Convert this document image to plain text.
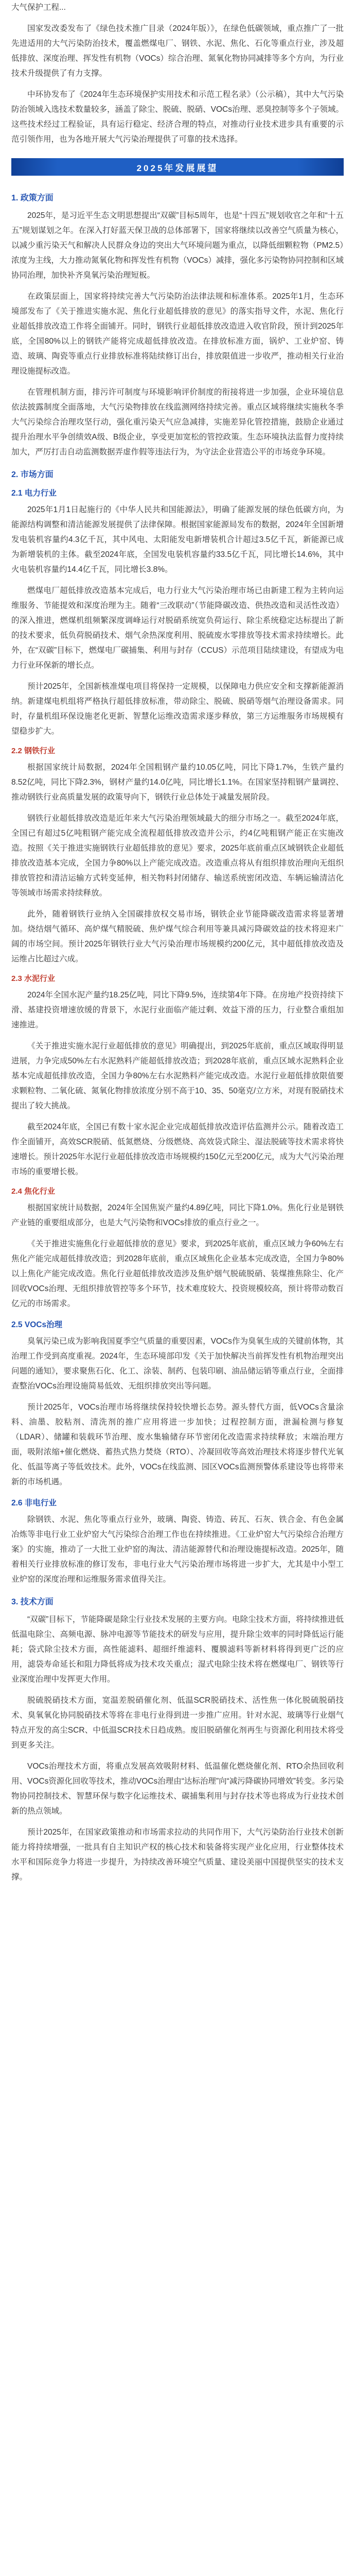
大气保护工程...

国家发改委发布了《绿色技术推广目录（2024年版）》，在绿色低碳领域，重点推广了一批先进适用的大气污染防治技术，覆盖燃煤电厂、钢铁、水泥、焦化、石化等重点行业，涉及超低排放、深度治理、挥发性有机物（VOCs）综合治理、氮氧化物协同减排等多个方向，为行业技术升级提供了有力支撑。

中环协发布了《2024年生态环境保护实用技术和示范工程名录》（公示稿），其中大气污染防治领域入选技术数量较多，涵盖了除尘、脱硫、脱硝、VOCs治理、恶臭控制等多个子领域。这些技术经过工程验证，具有运行稳定、经济合理的特点，对推动行业技术进步具有重要的示范引领作用，也为各地开展大气污染治理提供了可靠的技术选择。

2025年发展展望
1. 政策方面

2025年，是习近平生态文明思想提出“双碳”目标5周年，也是“十四五”规划收官之年和“十五五”规划谋划之年。在深入打好蓝天保卫战的总体部署下，国家将继续以改善空气质量为核心，以减少重污染天气和解决人民群众身边的突出大气环境问题为重点，以降低细颗粒物（PM2.5）浓度为主线，大力推动氮氧化物和挥发性有机物（VOCs）减排，强化多污染物协同控制和区域协同治理，加快补齐臭氧污染治理短板。

在政策层面上，国家将持续完善大气污染防治法律法规和标准体系。2025年1月，生态环境部发布了《关于推进实施水泥、焦化行业超低排放的意见》的落实指导文件，水泥、焦化行业超低排放改造工作将全面铺开。同时，钢铁行业超低排放改造进入收官阶段，预计到2025年底，全国80%以上的钢铁产能将完成超低排放改造。在排放标准方面，锅炉、工业炉窑、铸造、玻璃、陶瓷等重点行业排放标准将陆续修订出台，排放限值进一步收严，推动相关行业治理设施提标改造。

在管理机制方面，排污许可制度与环境影响评价制度的衔接将进一步加强，企业环境信息依法披露制度全面落地，大气污染物排放在线监测网络持续完善。重点区域将继续实施秋冬季大气污染综合治理攻坚行动，强化重污染天气应急减排，实施差异化管控措施，鼓励企业通过提升治理水平争创绩效A级、B级企业，享受更加宽松的管控政策。生态环境执法监督力度持续加大，严厉打击自动监测数据弄虚作假等违法行为，为守法企业营造公平的市场竞争环境。

2. 市场方面
2.1 电力行业

2025年1月1日起施行的《中华人民共和国能源法》，明确了能源发展的绿色低碳方向，为能源结构调整和清洁能源发展提供了法律保障。根据国家能源局发布的数据，2024年全国新增发电装机容量约4.3亿千瓦，其中风电、太阳能发电新增装机合计超过3.5亿千瓦，新能源已成为新增装机的主体。截至2024年底，全国发电装机容量约33.5亿千瓦，同比增长14.6%，其中火电装机容量约14.4亿千瓦，同比增长3.8%。

燃煤电厂超低排放改造基本完成后，电力行业大气污染治理市场已由新建工程为主转向运维服务、节能提效和深度治理为主。随着“三改联动”（节能降碳改造、供热改造和灵活性改造）的深入推进，燃煤机组频繁深度调峰运行对脱硝系统宽负荷运行、除尘系统稳定达标提出了新的技术要求，低负荷脱硝技术、烟气余热深度利用、脱硫废水零排放等技术需求持续增长。此外，在“双碳”目标下，燃煤电厂碳捕集、利用与封存（CCUS）示范项目陆续建设，有望成为电力行业环保新的增长点。

预计2025年，全国新核准煤电项目将保持一定规模，以保障电力供应安全和支撑新能源消纳。新建煤电机组将严格执行超低排放标准，带动除尘、脱硫、脱硝等烟气治理设备需求。同时，存量机组环保设施老化更新、智慧化运维改造需求逐步释放，第三方运维服务市场规模有望稳步扩大。

2.2 钢铁行业

根据国家统计局数据，2024年全国粗钢产量约10.05亿吨，同比下降1.7%，生铁产量约8.52亿吨，同比下降2.3%，钢材产量约14.0亿吨，同比增长1.1%。在国家坚持粗钢产量调控、推动钢铁行业高质量发展的政策导向下，钢铁行业总体处于减量发展阶段。

钢铁行业超低排放改造是近年来大气污染治理领域最大的细分市场之一。截至2024年底，全国已有超过5亿吨粗钢产能完成全流程超低排放改造并公示，约4亿吨粗钢产能正在实施改造。按照《关于推进实施钢铁行业超低排放的意见》要求，2025年底前重点区域钢铁企业超低排放改造基本完成，全国力争80%以上产能完成改造。改造重点将从有组织排放治理向无组织排放管控和清洁运输方式转变延伸，相关物料封闭储存、输送系统密闭改造、车辆运输清洁化等领域市场需求持续释放。

此外，随着钢铁行业纳入全国碳排放权交易市场，钢铁企业节能降碳改造需求将显著增加。烧结烟气循环、高炉煤气精脱硫、焦炉煤气综合利用等兼具减污降碳效益的技术将迎来广阔的市场空间。预计2025年钢铁行业大气污染治理市场规模约200亿元，其中超低排放改造及运维占比超过六成。

2.3 水泥行业

2024年全国水泥产量约18.25亿吨，同比下降9.5%，连续第4年下降。在房地产投资持续下滑、基建投资增速放缓的背景下，水泥行业面临产能过剩、效益下滑的压力，行业整合重组加速推进。

《关于推进实施水泥行业超低排放的意见》明确提出，到2025年底前，重点区域取得明显进展，力争完成50%左右水泥熟料产能超低排放改造；到2028年底前，重点区域水泥熟料企业基本完成超低排放改造，全国力争80%左右水泥熟料产能完成改造。水泥行业超低排放限值要求颗粒物、二氧化硫、氮氧化物排放浓度分别不高于10、35、50毫克/立方米，对现有脱硝技术提出了较大挑战。

截至2024年底，全国已有数十家水泥企业完成超低排放改造评估监测并公示。随着改造工作全面铺开，高效SCR脱硝、低氮燃烧、分级燃烧、高效袋式除尘、湿法脱硫等技术需求将快速增长。预计2025年水泥行业超低排放改造市场规模约150亿元至200亿元，成为大气污染治理市场的重要增长极。

2.4 焦化行业

根据国家统计局数据，2024年全国焦炭产量约4.89亿吨，同比下降1.0%。焦化行业是钢铁产业链的重要组成部分，也是大气污染物和VOCs排放的重点行业之一。

《关于推进实施焦化行业超低排放的意见》要求，到2025年底前，重点区域力争60%左右焦化产能完成超低排放改造；到2028年底前，重点区域焦化企业基本完成改造，全国力争80%以上焦化产能完成改造。焦化行业超低排放改造涉及焦炉烟气脱硫脱硝、装煤推焦除尘、化产回收VOCs治理、无组织排放管控等多个环节，技术难度较大、投资规模较高，预计将带动数百亿元的市场需求。

2.5 VOCs治理

臭氧污染已成为影响我国夏季空气质量的重要因素，VOCs作为臭氧生成的关键前体物，其治理工作受到高度重视。2024年，生态环境部印发《关于加快解决当前挥发性有机物治理突出问题的通知》，要求聚焦石化、化工、涂装、制药、包装印刷、油品储运销等重点行业，全面排查整治VOCs治理设施简易低效、无组织排放突出等问题。

预计2025年，VOCs治理市场将继续保持较快增长态势。源头替代方面，低VOCs含量涂料、油墨、胶粘剂、清洗剂的推广应用将进一步加快；过程控制方面，泄漏检测与修复（LDAR）、储罐和装载环节治理、废水集输储存环节密闭化改造需求持续释放；末端治理方面，吸附浓缩+催化燃烧、蓄热式热力焚烧（RTO）、冷凝回收等高效治理技术将逐步替代光氧化、低温等离子等低效技术。此外，VOCs在线监测、园区VOCs监测预警体系建设等也将带来新的市场机遇。

2.6 非电行业

除钢铁、水泥、焦化等重点行业外，玻璃、陶瓷、铸造、砖瓦、石灰、铁合金、有色金属冶炼等非电行业工业炉窑大气污染综合治理工作也在持续推进。《工业炉窑大气污染综合治理方案》的实施，推动了一大批工业炉窑的淘汰、清洁能源替代和治理设施提标改造。2025年，随着相关行业排放标准的修订发布，非电行业大气污染治理市场将进一步扩大，尤其是中小型工业炉窑的深度治理和运维服务需求值得关注。

3. 技术方面

“双碳”目标下，节能降碳是除尘行业技术发展的主要方向。电除尘技术方面，将持续推进低低温电除尘、高频电源、脉冲电源等节能技术的研发与应用，提升除尘效率的同时降低运行能耗；袋式除尘技术方面，高性能滤料、超细纤维滤料、覆膜滤料等新材料将得到更广泛的应用，滤袋寿命延长和阻力降低将成为技术攻关重点；湿式电除尘技术将在燃煤电厂、钢铁等行业深度治理中发挥更大作用。

脱硫脱硝技术方面，宽温差脱硝催化剂、低温SCR脱硝技术、活性焦一体化脱硫脱硝技术、臭氧氧化协同脱硝技术等将在非电行业得到进一步推广应用。针对水泥、玻璃等行业烟气特点开发的高尘SCR、中低温SCR技术日趋成熟。废旧脱硝催化剂再生与资源化利用技术将受到更多关注。

VOCs治理技术方面，将重点发展高效吸附材料、低温催化燃烧催化剂、RTO余热回收利用、VOCs资源化回收等技术，推动VOCs治理由“达标治理”向“减污降碳协同增效”转变。多污染物协同控制技术、智慧环保与数字化运维技术、碳捕集利用与封存技术等也将成为行业技术创新的热点领域。

预计2025年，在国家政策推动和市场需求拉动的共同作用下，大气污染防治行业技术创新能力将持续增强，一批具有自主知识产权的核心技术和装备将实现产业化应用，行业整体技术水平和国际竞争力将进一步提升，为持续改善环境空气质量、建设美丽中国提供坚实的技术支撑。
